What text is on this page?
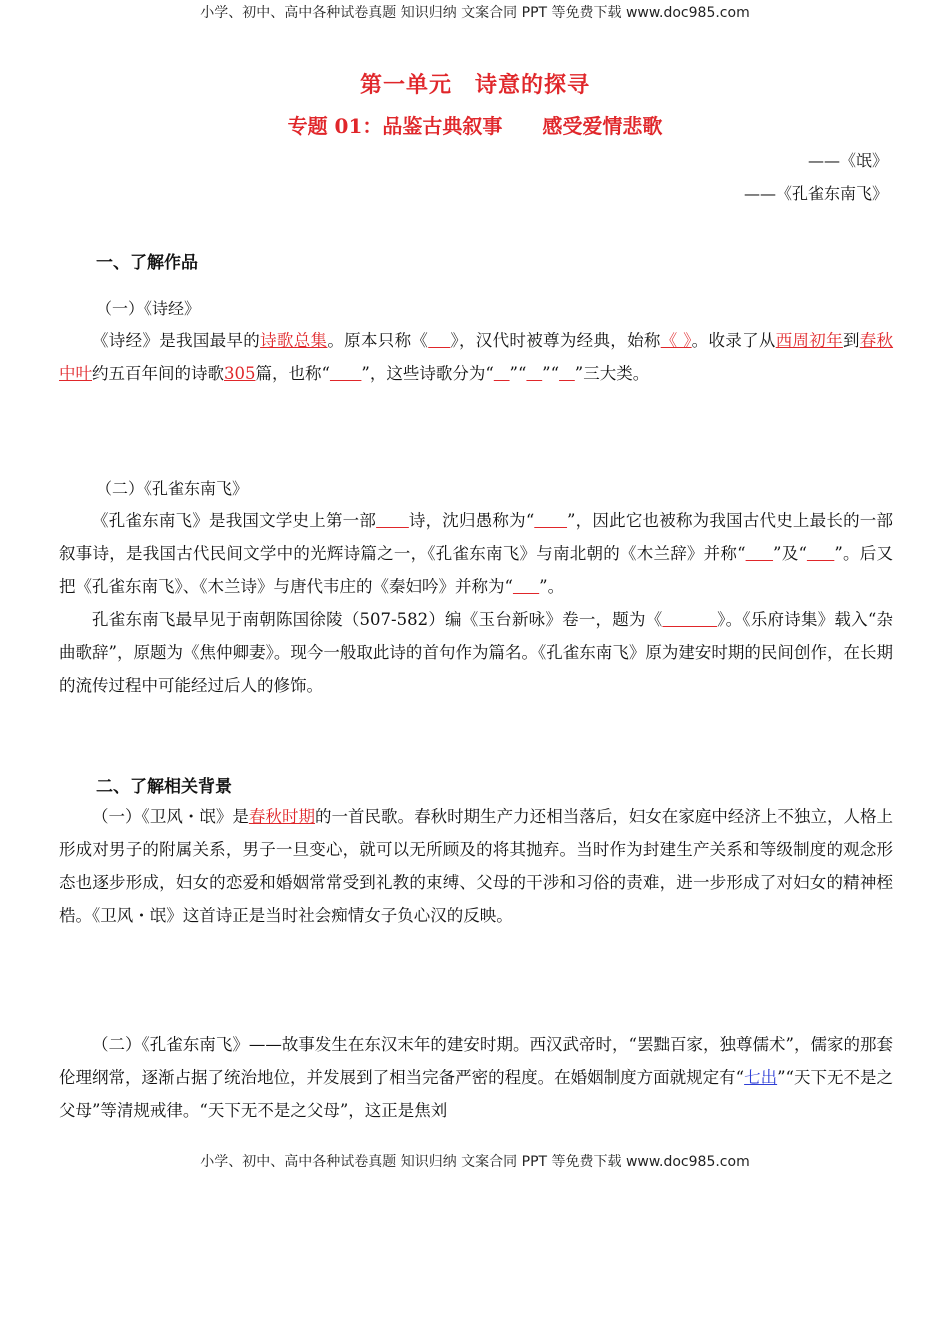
小学、初中、高中各种试卷真题 知识归纳 文案合同 PPT 等免费下载 www.doc985.com
第一单元　诗意的探寻
专题 01：品鉴古典叙事　　感受爱情悲歌
——《氓》
——《孔雀东南飞》
一、了解作品
（一）《诗经》

《诗经》是我国最早的诗歌总集。原本只称《 》，汉代时被尊为经典，始称《 》。收录了从西周初年到春秋中叶约五百年间的诗歌305篇，也称“ ”，这些诗歌分为“ ”“ ”“ ”三大类。

（二）《孔雀东南飞》

《孔雀东南飞》是我国文学史上第一部 诗，沈归愚称为“ ”，因此它也被称为我国古代史上最长的一部叙事诗，是我国古代民间文学中的光辉诗篇之一，《孔雀东南飞》与南北朝的《木兰辞》并称“ ”及“ ”。后又把《孔雀东南飞》、《木兰诗》与唐代韦庄的《秦妇吟》并称为“ ”。

孔雀东南飞最早见于南朝陈国徐陵（507-582）编《玉台新咏》卷一，题为《	》。《乐府诗集》载入“杂曲歌辞”，原题为《焦仲卿妻》。现今一般取此诗的首句作为篇名。《孔雀东南飞》原为建安时期的民间创作，在长期的流传过程中可能经过后人的修饰。

二、了解相关背景

（一）《卫风・氓》是春秋时期的一首民歌。春秋时期生产力还相当落后，妇女在家庭中经济上不独立，人格上形成对男子的附属关系，男子一旦变心，就可以无所顾及的将其抛弃。当时作为封建生产关系和等级制度的观念形态也逐步形成，妇女的恋爱和婚姻常常受到礼教的束缚、父母的干涉和习俗的责难，进一步形成了对妇女的精神桎梏。《卫风・氓》这首诗正是当时社会痴情女子负心汉的反映。

（二）《孔雀东南飞》——故事发生在东汉末年的建安时期。西汉武帝时，“罢黜百家，独尊儒术”，儒家的那套伦理纲常，逐渐占据了统治地位，并发展到了相当完备严密的程度。在婚姻制度方面就规定有“七出”“天下无不是之父母”等清规戒律。“天下无不是之父母”，这正是焦刘

小学、初中、高中各种试卷真题 知识归纳 文案合同 PPT 等免费下载 www.doc985.com
